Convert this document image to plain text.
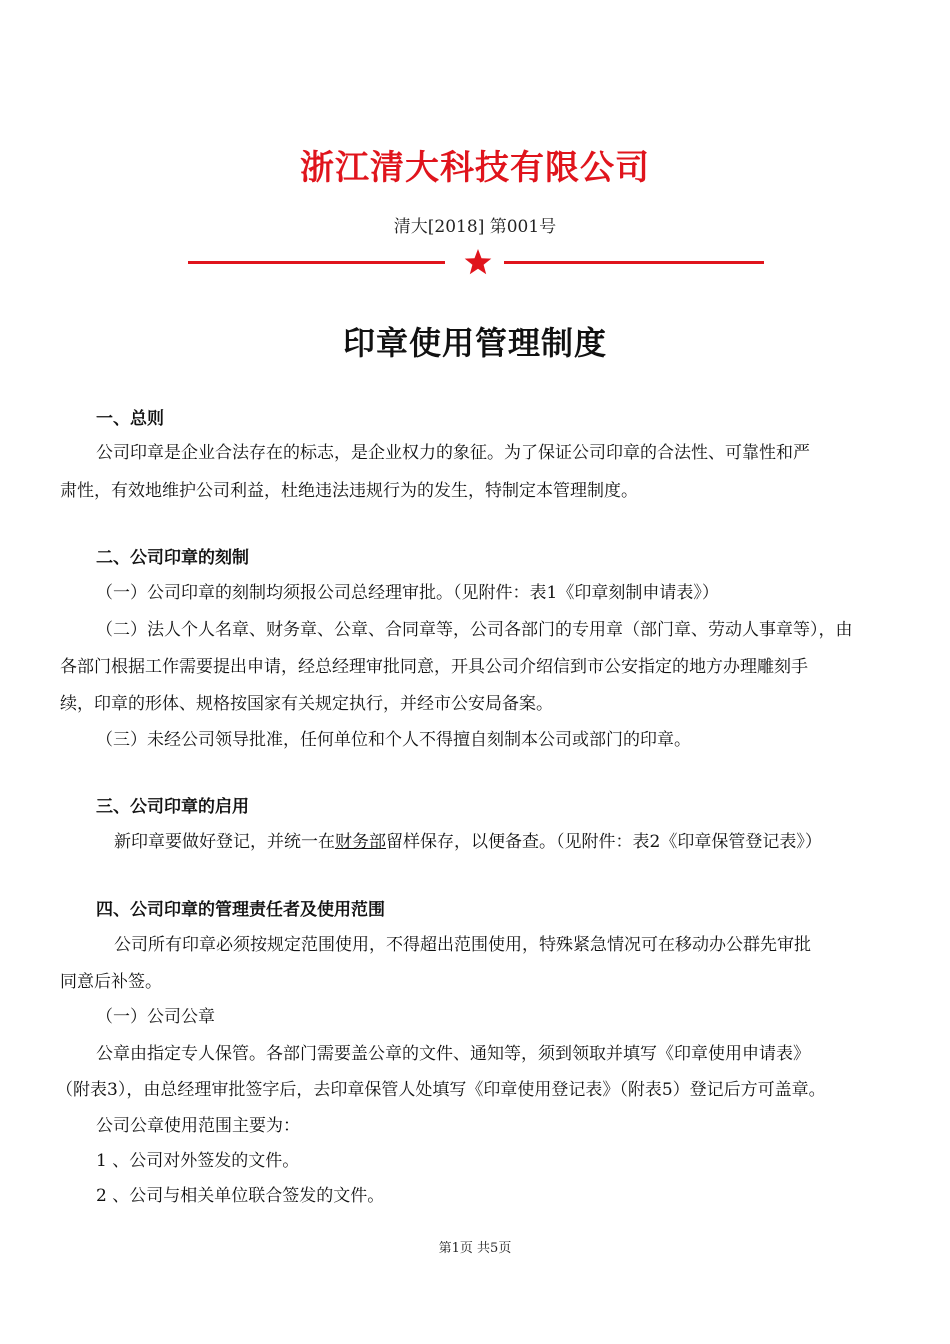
浙江清大科技有限公司
清大[2018] 第001号
印章使用管理制度
一、总则
公司印章是企业合法存在的标志，是企业权力的象征。为了保证公司印章的合法性、可靠性和严
肃性，有效地维护公司利益，杜绝违法违规行为的发生，特制定本管理制度。
二、公司印章的刻制
（一）公司印章的刻制均须报公司总经理审批。（见附件：表1《印章刻制申请表》）
（二）法人个人名章、财务章、公章、合同章等，公司各部门的专用章（部门章、劳动人事章等），由
各部门根据工作需要提出申请，经总经理审批同意，开具公司介绍信到市公安指定的地方办理雕刻手
续，印章的形体、规格按国家有关规定执行，并经市公安局备案。
（三）未经公司领导批准，任何单位和个人不得擅自刻制本公司或部门的印章。
三、公司印章的启用
新印章要做好登记，并统一在财务部留样保存，以便备查。（见附件：表2《印章保管登记表》）
四、公司印章的管理责任者及使用范围
公司所有印章必须按规定范围使用，不得超出范围使用，特殊紧急情况可在移动办公群先审批
同意后补签。
（一）公司公章
公章由指定专人保管。各部门需要盖公章的文件、通知等，须到领取并填写《印章使用申请表》
（附表3），由总经理审批签字后，去印章保管人处填写《印章使用登记表》（附表5）登记后方可盖章。
公司公章使用范围主要为：
1 、公司对外签发的文件。
2 、公司与相关单位联合签发的文件。
第1页 共5页
